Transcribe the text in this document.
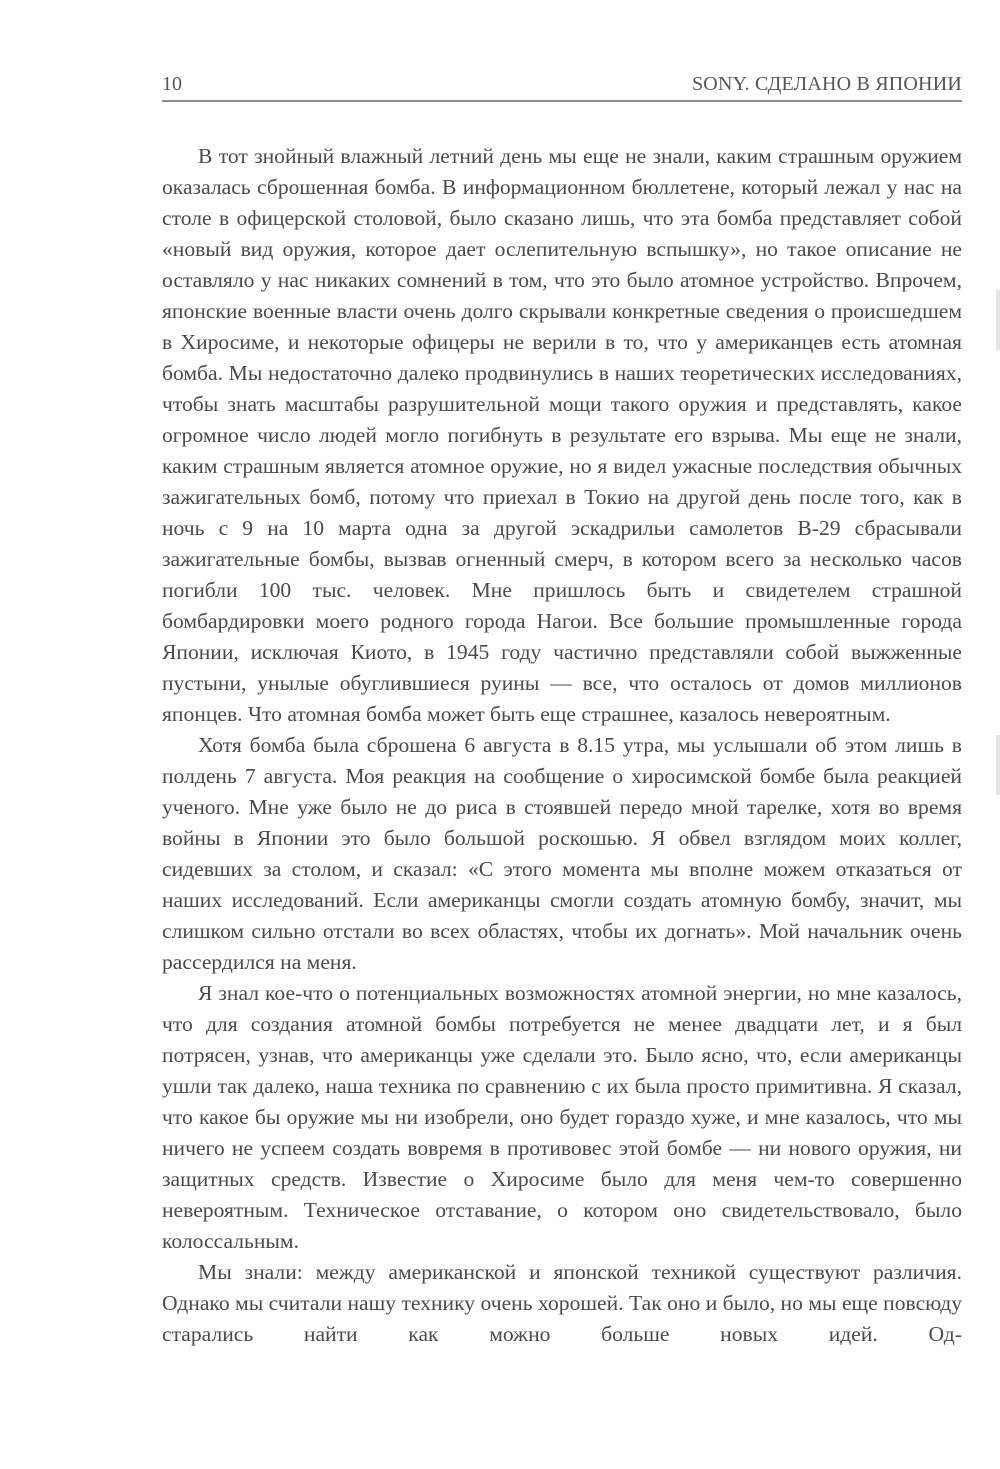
10	SONY. СДЕЛАНО В ЯПОНИИ

В тот знойный влажный летний день мы еще не знали, каким страшным оружием оказалась сброшенная бомба. В информационном бюллетене, который лежал у нас на столе в офицерской столовой, было сказано лишь, что эта бомба представляет собой «новый вид оружия, которое дает ослепительную вспышку», но такое описание не оставляло у нас никаких сомнений в том, что это было атомное устройство. Впрочем, японские военные власти очень долго скрывали конкретные сведения о происшедшем в Хиросиме, и некоторые офицеры не верили в то, что у американцев есть атомная бомба. Мы недостаточно далеко продвинулись в наших теоретических исследованиях, чтобы знать масштабы разрушительной мощи такого оружия и представлять, какое огромное число людей могло погибнуть в результате его взрыва. Мы еще не знали, каким страшным является атомное оружие, но я видел ужасные последствия обычных зажигательных бомб, потому что приехал в Токио на другой день после того, как в ночь с 9 на 10 марта одна за другой эскадрильи самолетов B-29 сбрасывали зажигательные бомбы, вызвав огненный смерч, в котором всего за несколько часов погибли 100 тыс. человек. Мне пришлось быть и свидетелем страшной бомбардировки моего родного города Нагои. Все большие промышленные города Японии, исключая Киото, в 1945 году частично представляли собой выжженные пустыни, унылые обуглившиеся руины — все, что осталось от домов миллионов японцев. Что атомная бомба может быть еще страшнее, казалось невероятным.

Хотя бомба была сброшена 6 августа в 8.15 утра, мы услышали об этом лишь в полдень 7 августа. Моя реакция на сообщение о хиросимской бомбе была реакцией ученого. Мне уже было не до риса в стоявшей передо мной тарелке, хотя во время войны в Японии это было большой роскошью. Я обвел взглядом моих коллег, сидевших за столом, и сказал: «С этого момента мы вполне можем отказаться от наших исследований. Если американцы смогли создать атомную бомбу, значит, мы слишком сильно отстали во всех областях, чтобы их догнать». Мой начальник очень рассердился на меня.

Я знал кое-что о потенциальных возможностях атомной энергии, но мне казалось, что для создания атомной бомбы потребуется не менее двадцати лет, и я был потрясен, узнав, что американцы уже сделали это. Было ясно, что, если американцы ушли так далеко, наша техника по сравнению с их была просто примитивна. Я сказал, что какое бы оружие мы ни изобрели, оно будет гораздо хуже, и мне казалось, что мы ничего не успеем создать вовремя в противовес этой бомбе — ни нового оружия, ни защитных средств. Известие о Хиросиме было для меня чем-то совершенно невероятным. Техническое отставание, о котором оно свидетельствовало, было колоссальным.

Мы знали: между американской и японской техникой существуют различия. Однако мы считали нашу технику очень хорошей. Так оно и было, но мы еще повсюду старались найти как можно больше новых идей. Од-
